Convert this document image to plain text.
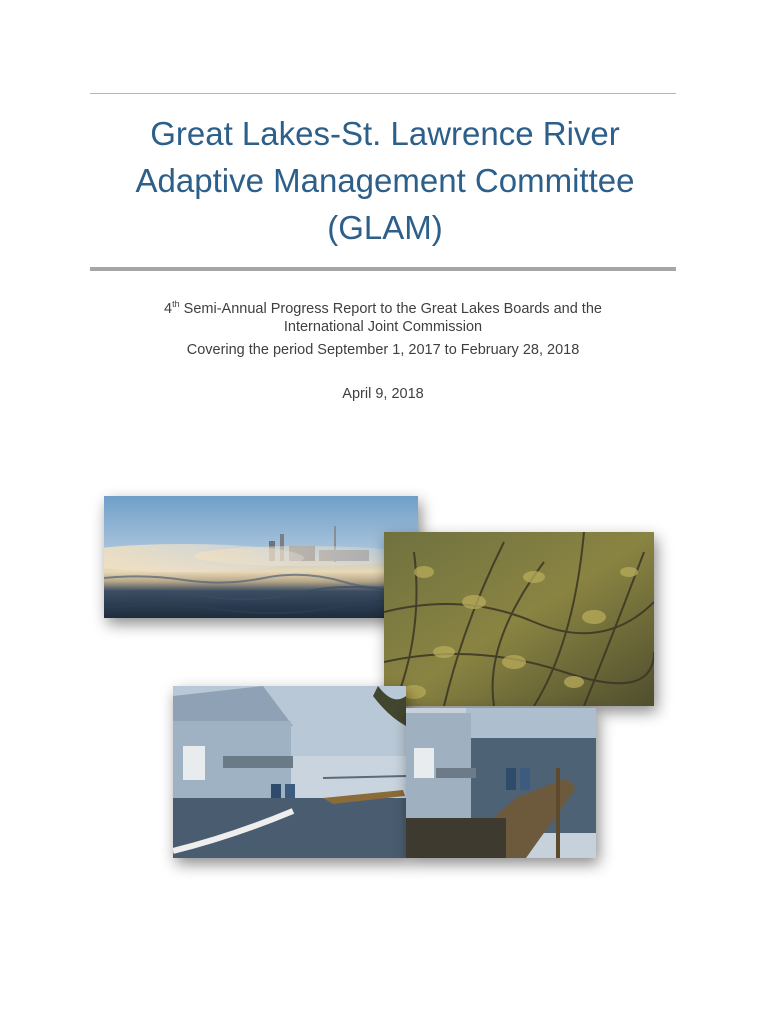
Great Lakes-St. Lawrence River
Adaptive Management Committee
(GLAM)
4th Semi-Annual Progress Report to the Great Lakes Boards and the
International Joint Commission
Covering the period September 1, 2017 to February 28, 2018
April 9, 2018
